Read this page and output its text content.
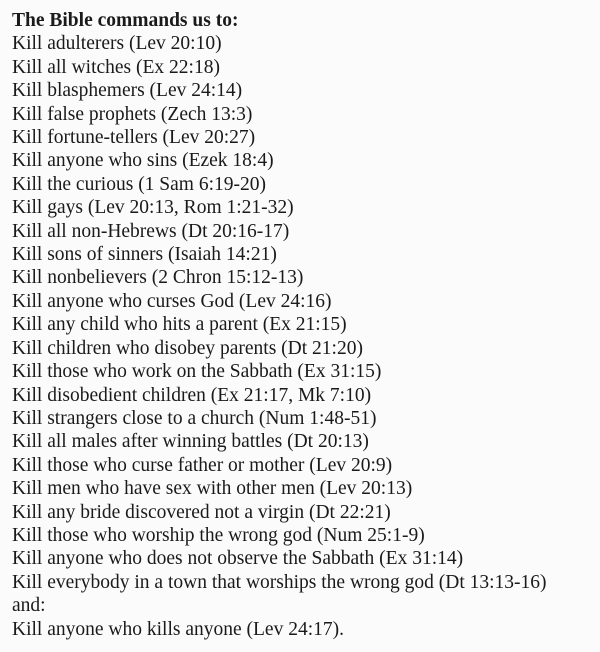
The Bible commands us to:

Kill adulterers (Lev 20:10)
Kill all witches (Ex 22:18)
Kill blasphemers (Lev 24:14)
Kill false prophets (Zech 13:3)
Kill fortune-tellers (Lev 20:27)
Kill anyone who sins (Ezek 18:4)
Kill the curious (1 Sam 6:19-20)
Kill gays (Lev 20:13, Rom 1:21-32)
Kill all non-Hebrews (Dt 20:16-17)
Kill sons of sinners (Isaiah 14:21)
Kill nonbelievers (2 Chron 15:12-13)
Kill anyone who curses God (Lev 24:16)
Kill any child who hits a parent (Ex 21:15)
Kill children who disobey parents (Dt 21:20)
Kill those who work on the Sabbath (Ex 31:15)
Kill disobedient children (Ex 21:17, Mk 7:10)
Kill strangers close to a church (Num 1:48-51)
Kill all males after winning battles (Dt 20:13)
Kill those who curse father or mother (Lev 20:9)
Kill men who have sex with other men (Lev 20:13)
Kill any bride discovered not a virgin (Dt 22:21)
Kill those who worship the wrong god (Num 25:1-9)
Kill anyone who does not observe the Sabbath (Ex 31:14)
Kill everybody in a town that worships the wrong god (Dt 13:13-16)
and:
Kill anyone who kills anyone (Lev 24:17).
